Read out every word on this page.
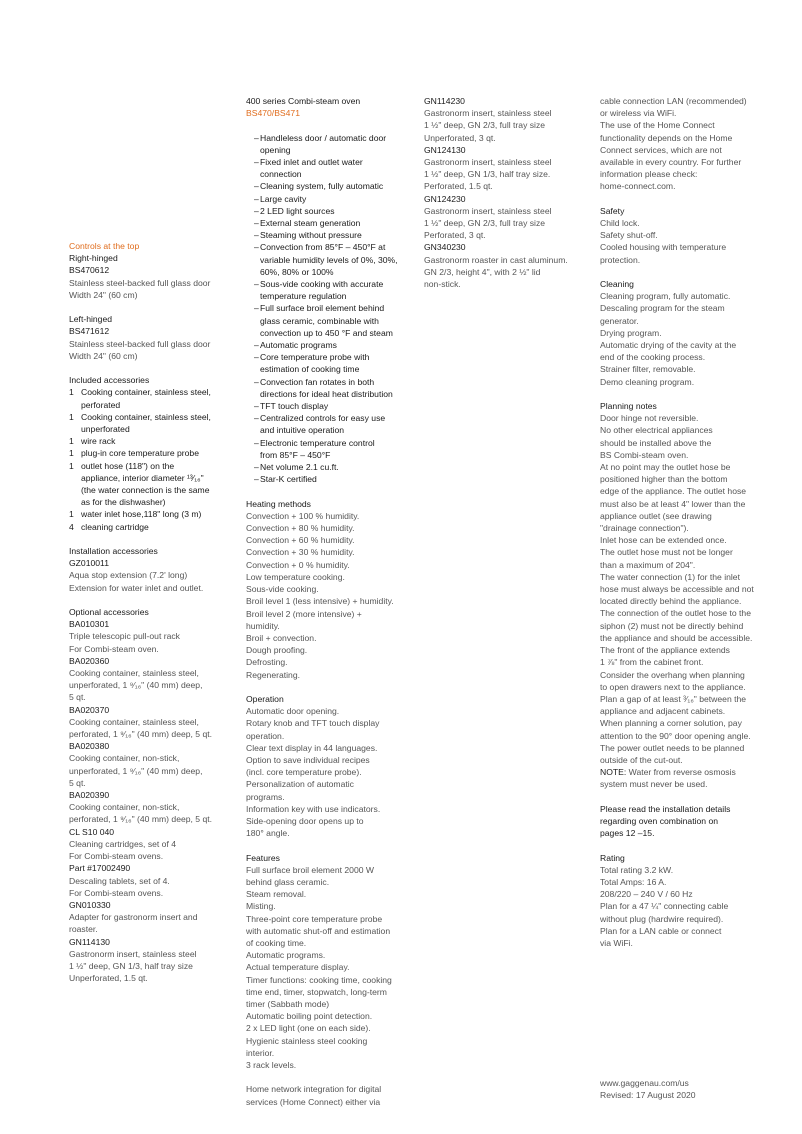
Controls at the top
Right-hinged
BS470612
Stainless steel-backed full glass door
Width 24" (60 cm)
Left-hinged
BS471612
Stainless steel-backed full glass door
Width 24" (60 cm)
Included accessories
1 Cooking container, stainless steel,
perforated
1 Cooking container, stainless steel,
unperforated
1 wire rack
1 plug-in core temperature probe
1 outlet hose (118") on the
appliance, interior diameter ¹³⁄₁₆"
(the water connection is the same
as for the dishwasher)
1 water inlet hose,118" long (3 m)
4 cleaning cartridge
Installation accessories
GZ010011
Aqua stop extension (7.2' long)
Extension for water inlet and outlet.
Optional accessories
BA010301
Triple telescopic pull-out rack
For Combi-steam oven.
BA020360
Cooking container, stainless steel,
unperforated, 1 ⁹⁄₁₆" (40 mm) deep,
5 qt.
BA020370
Cooking container, stainless steel,
perforated, 1 ⁹⁄₁₆" (40 mm) deep, 5 qt.
BA020380
Cooking container, non-stick,
unperforated, 1 ⁹⁄₁₆" (40 mm) deep,
5 qt.
BA020390
Cooking container, non-stick,
perforated, 1 ⁹⁄₁₆" (40 mm) deep, 5 qt.
CL S10 040
Cleaning cartridges, set of 4
For Combi-steam ovens.
Part #17002490
Descaling tablets, set of 4.
For Combi-steam ovens.
GN010330
Adapter for gastronorm insert and
roaster.
GN114130
Gastronorm insert, stainless steel
1 ½" deep, GN 1/3, half tray size
Unperforated, 1.5 qt.
400 series Combi-steam oven
BS470/BS471
– Handleless door / automatic door
opening
– Fixed inlet and outlet water
connection
– Cleaning system, fully automatic
– Large cavity
– 2 LED light sources
– External steam generation
– Steaming without pressure
– Convection from 85°F – 450°F at
variable humidity levels of 0%, 30%,
60%, 80% or 100%
– Sous-vide cooking with accurate
temperature regulation
– Full surface broil element behind
glass ceramic, combinable with
convection up to 450 °F and steam
– Automatic programs
– Core temperature probe with
estimation of cooking time
– Convection fan rotates in both
directions for ideal heat distribution
– TFT touch display
– Centralized controls for easy use
and intuitive operation
– Electronic temperature control
from 85°F – 450°F
– Net volume 2.1 cu.ft.
– Star-K certified
Heating methods
Convection + 100 % humidity.
Convection + 80 % humidity.
Convection + 60 % humidity.
Convection + 30 % humidity.
Convection + 0 % humidity.
Low temperature cooking.
Sous-vide cooking.
Broil level 1 (less intensive) + humidity.
Broil level 2 (more intensive) +
humidity.
Broil + convection.
Dough proofing.
Defrosting.
Regenerating.
Operation
Automatic door opening.
Rotary knob and TFT touch display
operation.
Clear text display in 44 languages.
Option to save individual recipes
(incl. core temperature probe).
Personalization of automatic
programs.
Information key with use indicators.
Side-opening door opens up to
180° angle.
Features
Full surface broil element 2000 W
behind glass ceramic.
Steam removal.
Misting.
Three-point core temperature probe
with automatic shut-off and estimation
of cooking time.
Automatic programs.
Actual temperature display.
Timer functions: cooking time, cooking
time end, timer, stopwatch, long-term
timer (Sabbath mode)
Automatic boiling point detection.
2 x LED light (one on each side).
Hygienic stainless steel cooking
interior.
3 rack levels.
Home network integration for digital
services (Home Connect) either via
GN114230
Gastronorm insert, stainless steel
1 ½" deep, GN 2/3, full tray size
Unperforated, 3 qt.
GN124130
Gastronorm insert, stainless steel
1 ½" deep, GN 1/3, half tray size.
Perforated, 1.5 qt.
GN124230
Gastronorm insert, stainless steel
1 ½" deep, GN 2/3, full tray size
Perforated, 3 qt.
GN340230
Gastronorm roaster in cast aluminum.
GN 2/3, height 4", with 2 ½" lid
non-stick.
cable connection LAN (recommended)
or wireless via WiFi.
The use of the Home Connect
functionality depends on the Home
Connect services, which are not
available in every country. For further
information please check:
home-connect.com.
Safety
Child lock.
Safety shut-off.
Cooled housing with temperature
protection.
Cleaning
Cleaning program, fully automatic.
Descaling program for the steam
generator.
Drying program.
Automatic drying of the cavity at the
end of the cooking process.
Strainer filter, removable.
Demo cleaning program.
Planning notes
Door hinge not reversible.
No other electrical appliances
should be installed above the
BS Combi-steam oven.
At no point may the outlet hose be
positioned higher than the bottom
edge of the appliance. The outlet hose
must also be at least 4" lower than the
appliance outlet (see drawing
"drainage connection").
Inlet hose can be extended once.
The outlet hose must not be longer
than a maximum of 204".
The water connection (1) for the inlet
hose must always be accessible and not
located directly behind the appliance.
The connection of the outlet hose to the
siphon (2) must not be directly behind
the appliance and should be accessible.
The front of the appliance extends
1 ⅞" from the cabinet front.
Consider the overhang when planning
to open drawers next to the appliance.
Plan a gap of at least ³⁄₁₆" between the
appliance and adjacent cabinets.
When planning a corner solution, pay
attention to the 90° door opening angle.
The power outlet needs to be planned
outside of the cut-out.
NOTE: Water from reverse osmosis
system must never be used.
Please read the installation details
regarding oven combination on
pages 12 –15.
Rating
Total rating 3.2 kW.
Total Amps: 16 A.
208/220 – 240 V / 60 Hz
Plan for a 47 ¼" connecting cable
without plug (hardwire required).
Plan for a LAN cable or connect
via WiFi.
www.gaggenau.com/us
Revised: 17 August 2020
